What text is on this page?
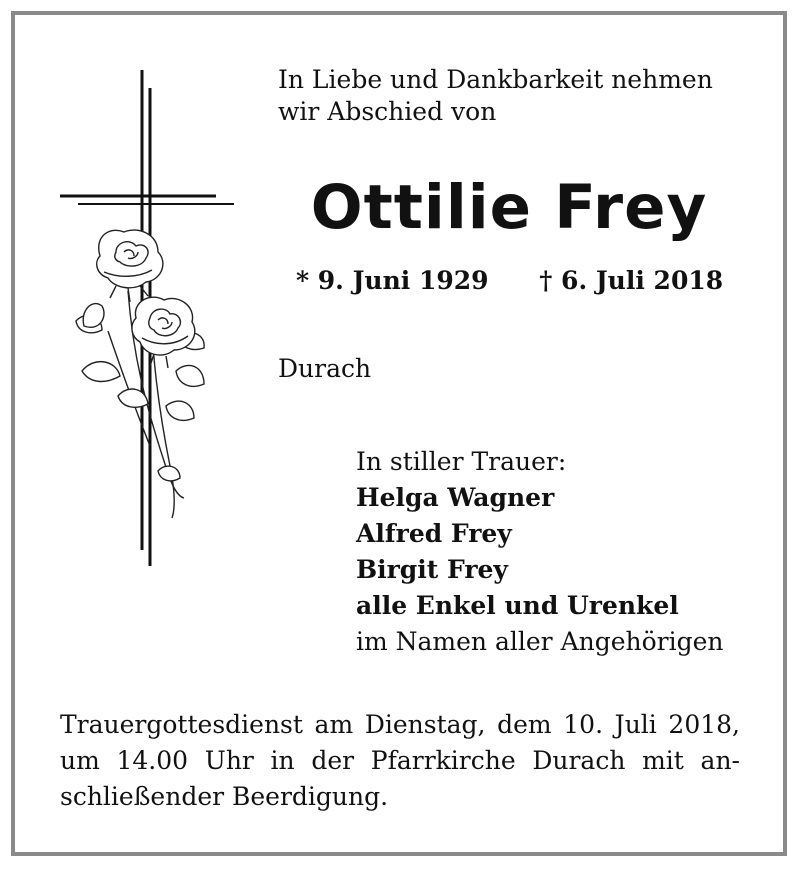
In Liebe und Dankbarkeit nehmen
wir Abschied von
Ottilie Frey
* 9. Juni 1929 † 6. Juli 2018
Durach
In stiller Trauer:
Helga Wagner
Alfred Frey
Birgit Frey
alle Enkel und Urenkel
im Namen aller Angehörigen
Trauergottesdienst am Dienstag, dem 10. Juli 2018,
um 14.00 Uhr in der Pfarrkirche Durach mit an-
schließender Beerdigung.
